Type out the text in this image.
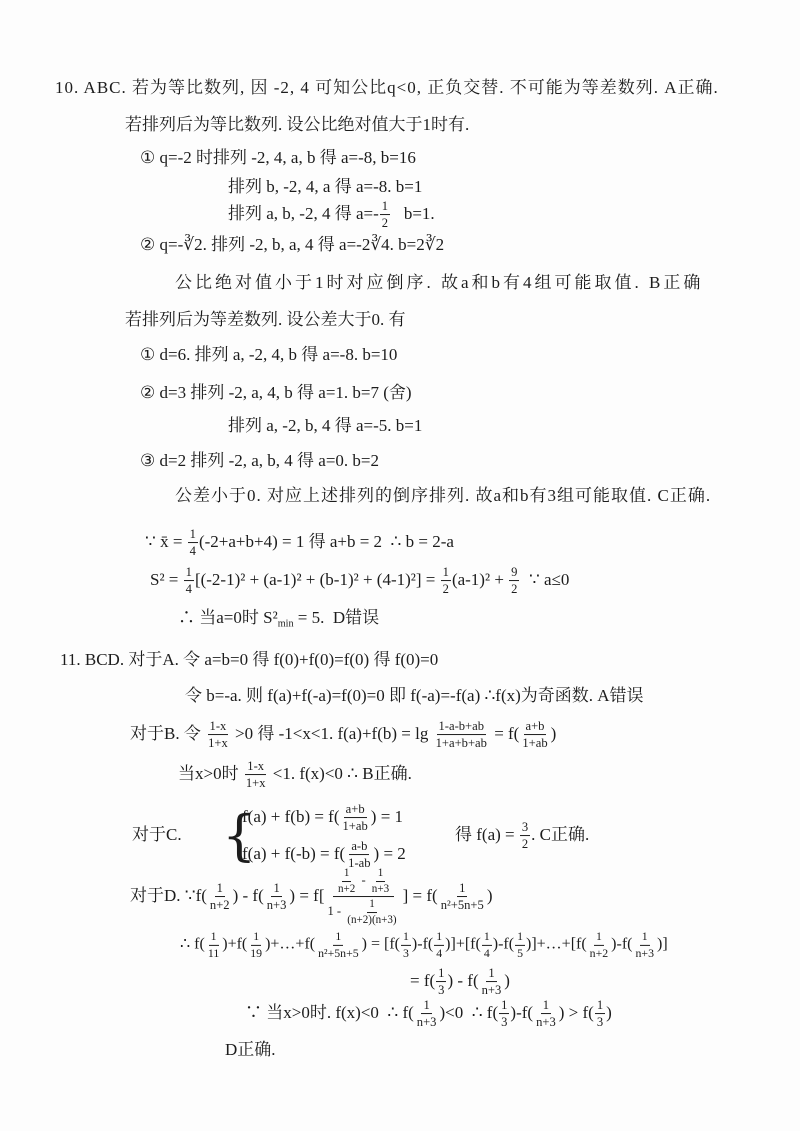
10. ABC. 若为等比数列, 因 -2, 4 可知公比q<0, 正负交替. 不可能为等差数列. A正确.
若排列后为等比数列. 设公比绝对值大于1时有.
① q=-2 时排列 -2, 4, a, b 得 a=-8, b=16
排列 b, -2, 4, a 得 a=-8. b=1
排列 a, b, -2, 4 得 $a=- \frac{1}{2} b=1$.
② q=-∛2. 排列 -2, b, a, 4 得 a=-2∛4. b=2∛2
公比绝对值小于1时对应倒序. 故a和b有4组可能取值. B正确
若排列后为等差数列. 设公差大于0. 有
① d=6. 排列 a, -2, 4, b 得 a=-8. b=10
② d=3 排列 -2, a, 4, b 得 a=1. b=7 (舍)
排列 a, -2, b, 4 得 a=-5. b=1
③ d=2 排列 -2, a, b, 4 得 a=0. b=2
公差小于0. 对应上述排列的倒序排列. 故a和b有3组可能取值. C正确.
∵ x̄ = $\frac{1}{4} (-2+a+b+4) = 1$ 得 a+b = 2  ∴ b = 2-a
$S^2 = \frac{1}{4} [(-2-1)^2 + (a-1)^2 + (b-1)^2 + (4-1)^2] = \frac{1}{2} (a-1)^2 + \frac{9}{2}$ ∵ a≤0
∴ 当a=0时 $S^2_{min} = 5$.  D错误
11. BCD. 对于A. 令 a=b=0 得 f(0)+f(0)=f(0) 得 f(0)=0
令 b=-a. 则 f(a)+f(-a)=f(0)=0 即 f(-a)=-f(a) ∴f(x)为奇函数. A错误
对于B. 令 $\frac{1-x}{1+x} >0$ 得 -1<x<1. $f(a)+f(b) = \lg \frac{1-a-b+ab}{1+a+b+ab} = f( \frac{a+b}{1+ab}$ )
当x>0时 $\frac{1-x}{1+x} <1$. f(x)<0 ∴ B正确.
对于C. {
$f(a) + f(b) = f( \frac{a+b}{1+ab}$ ) = 1
$f(a) + f(-b) = f( \frac{a-b}{1-ab}$ ) = 2
得 $f(a) = \frac{3}{2}$ . C正确.
对于D. ∵f( $\frac{1}{n+2}$ ) - $f( \frac{1}{n+3}$ ) = $f[ \frac{\frac{1}{n+2} - \frac{1}{n+3}}{1 - \frac{1}{(n+2)(n+3)}}$ ] = $f( \frac{1}{\text{n²+5n+5}}$ )
∴ $f( \frac{1}{11} )+f( \frac{1}{19}$ )+…+f( $\frac{1}{\text{n²+5n+5}}$ ) = $[f( \frac{1}{3} )-f( \frac{1}{4} )]+[f( \frac{1}{4} )-f( \frac{1}{5}$ )]+…+[f( $\frac{1}{n+2} )-f( \frac{1}{n+3}$ )]
= $f( \frac{1}{3}$ ) - $f( \frac{1}{n+3}$ )
∵ 当x>0时. f(x)<0  ∴ $f( \frac{1}{n+3} )<0$  ∴ $f( \frac{1}{3} )-f( \frac{1}{n+3}$ ) > $f( \frac{1}{3}$ )
D正确.
